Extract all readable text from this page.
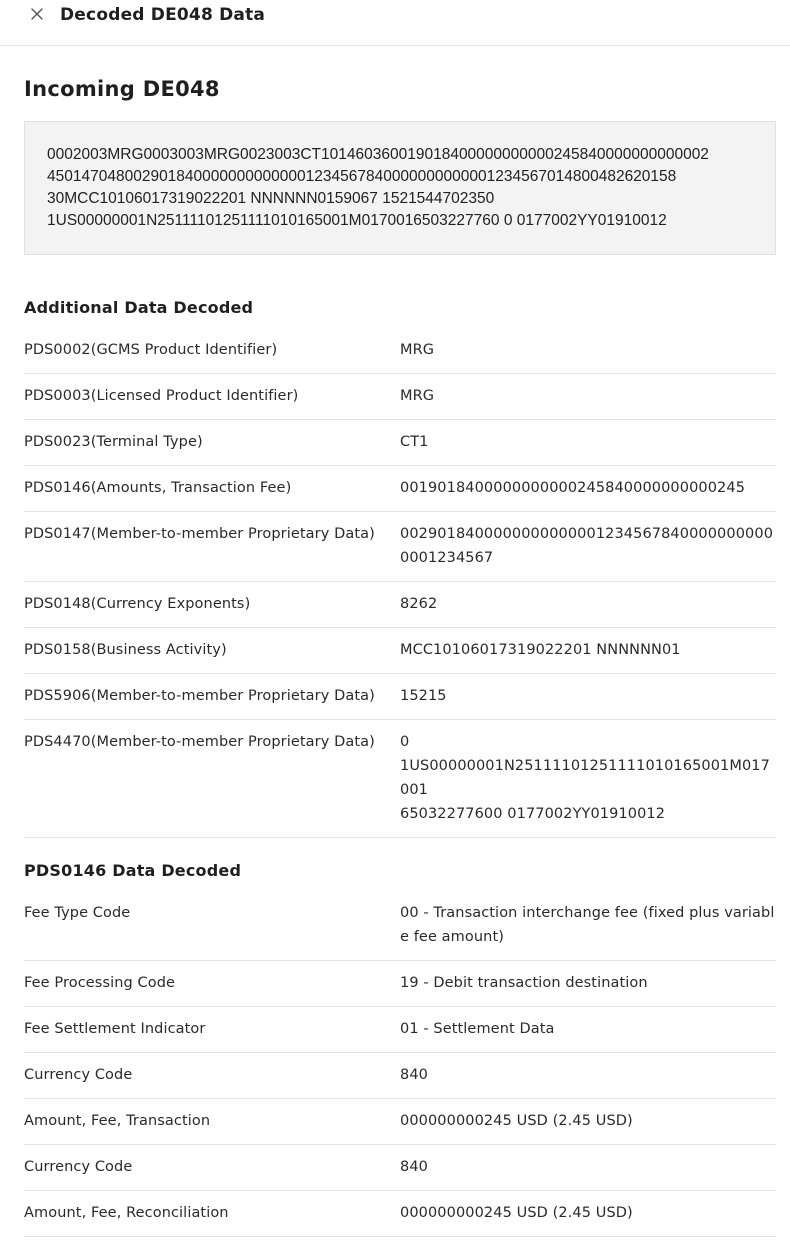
Decoded DE048 Data
Incoming DE048
0002003MRG0003003MRG0023003CT101460360019018400000000000245840000000000002
4501470480029018400000000000001234567840000000000001234567014800482620158
30MCC10106017319022201 NNNNNN0159067 1521544702350
1US00000001N25111101251111010165001M0170016503227760 0 0177002YY01910012
Additional Data Decoded
PDS0002(GCMS Product Identifier)	MRG
PDS0003(Licensed Product Identifier)	MRG
PDS0023(Terminal Type)	CT1
PDS0146(Amounts, Transaction Fee)	0019018400000000000245840000000000245
PDS0147(Member-to-member Proprietary Data)	00290184000000000000012345678400000000000001234567
PDS0148(Currency Exponents)	8262
PDS0158(Business Activity)	MCC10106017319022201 NNNNNN01
PDS5906(Member-to-member Proprietary Data)	15215
PDS4470(Member-to-member Proprietary Data)	0
1US00000001N25111101251111010165001M017001
65032277600 0177002YY01910012
PDS0146 Data Decoded
Fee Type Code	00 - Transaction interchange fee (fixed plus variable fee amount)
Fee Processing Code	19 - Debit transaction destination
Fee Settlement Indicator	01 - Settlement Data
Currency Code	840
Amount, Fee, Transaction	000000000245 USD (2.45 USD)
Currency Code	840
Amount, Fee, Reconciliation	000000000245 USD (2.45 USD)
